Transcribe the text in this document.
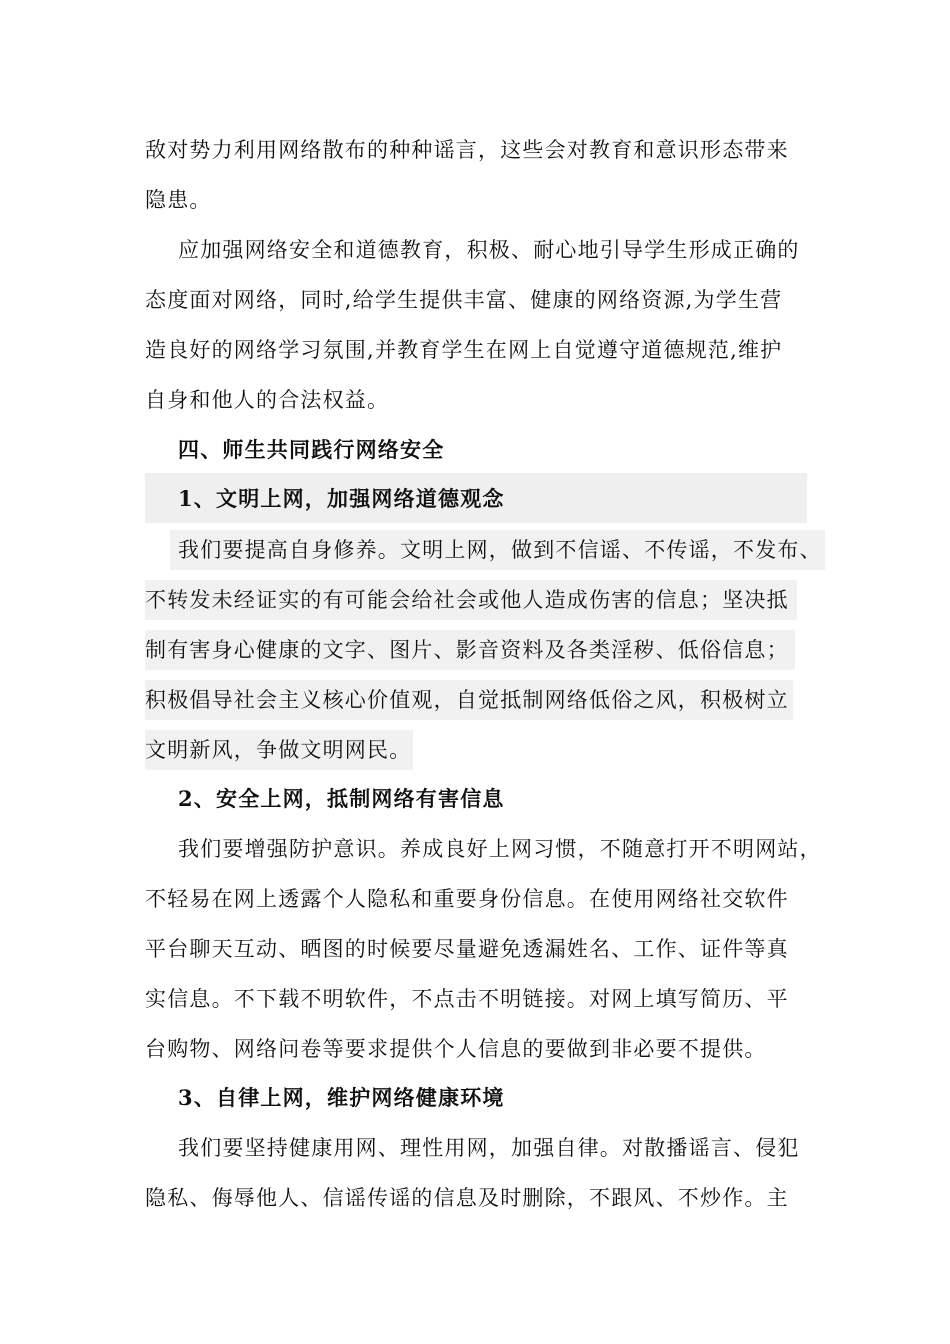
敌对势力利用网络散布的种种谣言，这些会对教育和意识形态带来
隐患。
应加强网络安全和道德教育，积极、耐心地引导学生形成正确的
态度面对网络，同时,给学生提供丰富、健康的网络资源,为学生营
造良好的网络学习氛围,并教育学生在网上自觉遵守道德规范,维护
自身和他人的合法权益。
四、师生共同践行网络安全
1、文明上网，加强网络道德观念
我们要提高自身修养。文明上网，做到不信谣、不传谣，不发布、
不转发未经证实的有可能会给社会或他人造成伤害的信息；坚决抵
制有害身心健康的文字、图片、影音资料及各类淫秽、低俗信息；
积极倡导社会主义核心价值观，自觉抵制网络低俗之风，积极树立
文明新风，争做文明网民。
2、安全上网，抵制网络有害信息
我们要增强防护意识。养成良好上网习惯，不随意打开不明网站，
不轻易在网上透露个人隐私和重要身份信息。在使用网络社交软件
平台聊天互动、晒图的时候要尽量避免透漏姓名、工作、证件等真
实信息。不下载不明软件，不点击不明链接。对网上填写简历、平
台购物、网络问卷等要求提供个人信息的要做到非必要不提供。
3、自律上网，维护网络健康环境
我们要坚持健康用网、理性用网，加强自律。对散播谣言、侵犯
隐私、侮辱他人、信谣传谣的信息及时删除，不跟风、不炒作。主
